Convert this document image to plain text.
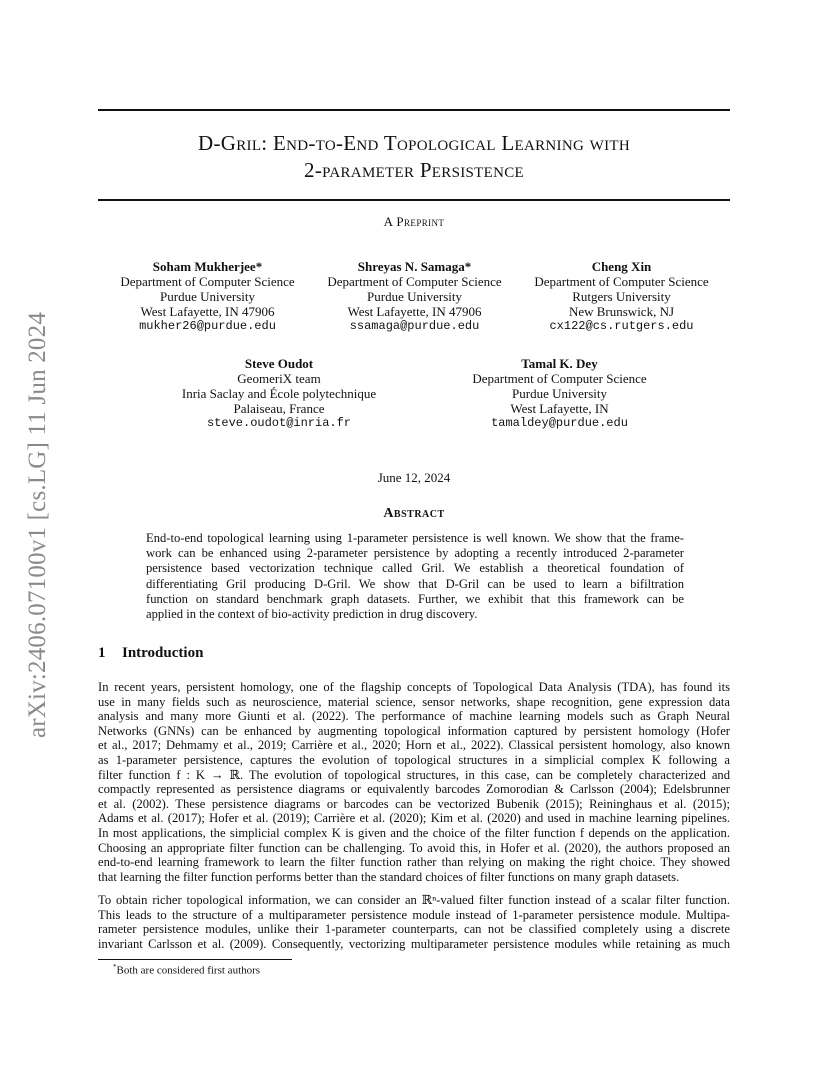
arXiv:2406.07100v1 [cs.LG] 11 Jun 2024
D-Gril: End-to-End Topological Learning with
2-parameter Persistence
A Preprint
Soham Mukherjee*
Department of Computer Science
Purdue University
West Lafayette, IN 47906
mukher26@purdue.edu
Shreyas N. Samaga*
Department of Computer Science
Purdue University
West Lafayette, IN 47906
ssamaga@purdue.edu
Cheng Xin
Department of Computer Science
Rutgers University
New Brunswick, NJ
cx122@cs.rutgers.edu
Steve Oudot
GeomeriX team
Inria Saclay and École polytechnique
Palaiseau, France
steve.oudot@inria.fr
Tamal K. Dey
Department of Computer Science
Purdue University
West Lafayette, IN
tamaldey@purdue.edu
June 12, 2024
Abstract
End-to-end topological learning using 1-parameter persistence is well known. We show that the frame-
work can be enhanced using 2-parameter persistence by adopting a recently introduced 2-parameter
persistence based vectorization technique called Gril. We establish a theoretical foundation of
differentiating Gril producing D-Gril. We show that D-Gril can be used to learn a bifiltration
function on standard benchmark graph datasets. Further, we exhibit that this framework can be
applied in the context of bio-activity prediction in drug discovery.
1 Introduction
In recent years, persistent homology, one of the flagship concepts of Topological Data Analysis (TDA), has found its
use in many fields such as neuroscience, material science, sensor networks, shape recognition, gene expression data
analysis and many more Giunti et al. (2022). The performance of machine learning models such as Graph Neural
Networks (GNNs) can be enhanced by augmenting topological information captured by persistent homology (Hofer
et al., 2017; Dehmamy et al., 2019; Carrière et al., 2020; Horn et al., 2022). Classical persistent homology, also known
as 1-parameter persistence, captures the evolution of topological structures in a simplicial complex K following a
filter function f : K → ℝ. The evolution of topological structures, in this case, can be completely characterized and
compactly represented as persistence diagrams or equivalently barcodes Zomorodian & Carlsson (2004); Edelsbrunner
et al. (2002). These persistence diagrams or barcodes can be vectorized Bubenik (2015); Reininghaus et al. (2015);
Adams et al. (2017); Hofer et al. (2019); Carrière et al. (2020); Kim et al. (2020) and used in machine learning pipelines.
In most applications, the simplicial complex K is given and the choice of the filter function f depends on the application.
Choosing an appropriate filter function can be challenging. To avoid this, in Hofer et al. (2020), the authors proposed an
end-to-end learning framework to learn the filter function rather than relying on making the right choice. They showed
that learning the filter function performs better than the standard choices of filter functions on many graph datasets.
To obtain richer topological information, we can consider an ℝⁿ-valued filter function instead of a scalar filter function.
This leads to the structure of a multiparameter persistence module instead of 1-parameter persistence module. Multipa-
rameter persistence modules, unlike their 1-parameter counterparts, can not be classified completely using a discrete
invariant Carlsson et al. (2009). Consequently, vectorizing multiparameter persistence modules while retaining as much
*Both are considered first authors
